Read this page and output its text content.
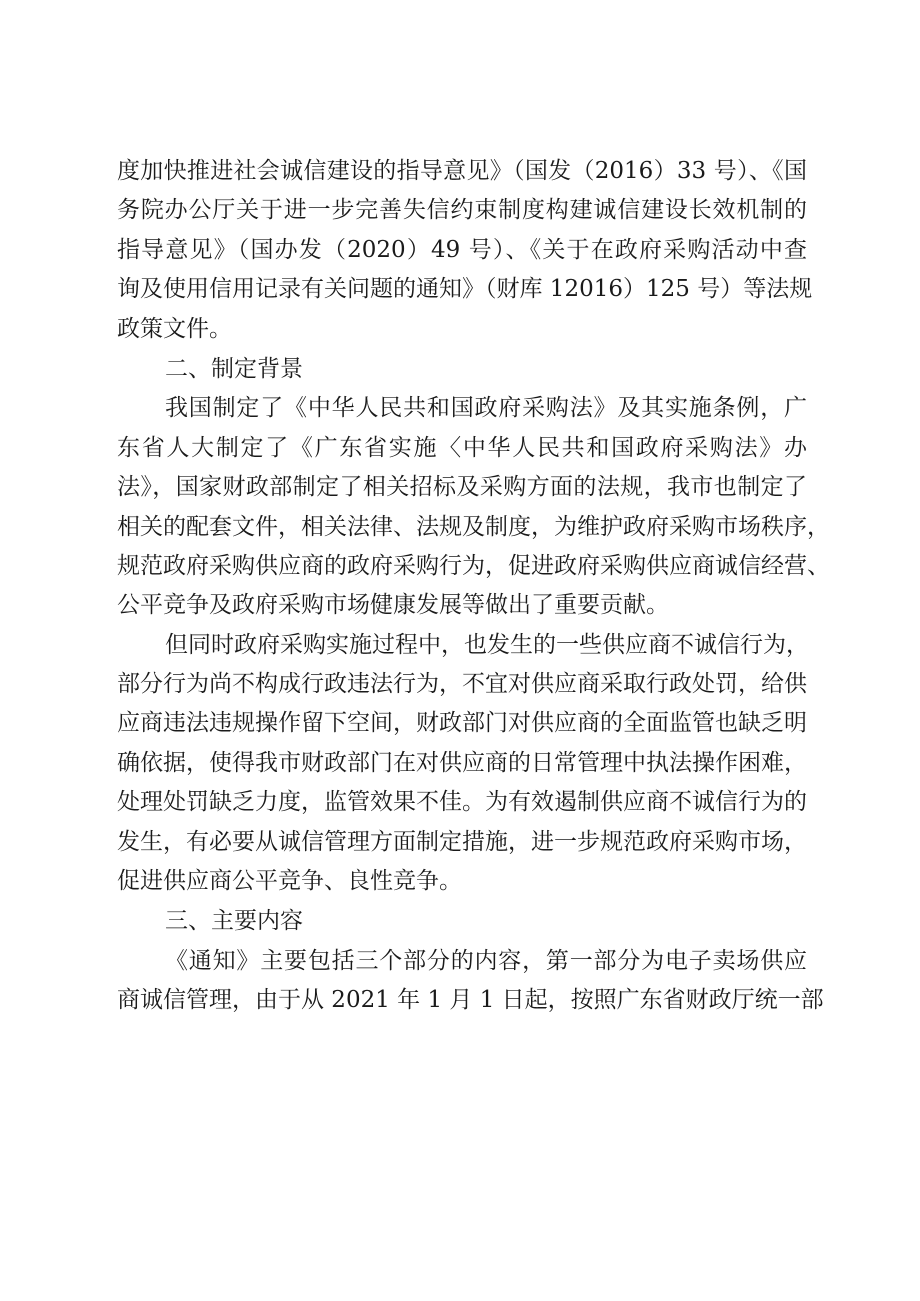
度加快推进社会诚信建设的指导意见》（国发（2016）33 号）、《国
务院办公厅关于进一步完善失信约束制度构建诚信建设长效机制的
指导意见》（国办发（2020）49 号）、《关于在政府采购活动中查
询及使用信用记录有关问题的通知》（财库 12016）125 号）等法规
政策文件。
二、制定背景
我国制定了《中华人民共和国政府采购法》及其实施条例，广
东省人大制定了《广东省实施〈中华人民共和国政府采购法》办
法》，国家财政部制定了相关招标及采购方面的法规，我市也制定了
相关的配套文件，相关法律、法规及制度，为维护政府采购市场秩序，
规范政府采购供应商的政府采购行为，促进政府采购供应商诚信经营、
公平竞争及政府采购市场健康发展等做出了重要贡献。
但同时政府采购实施过程中，也发生的一些供应商不诚信行为，
部分行为尚不构成行政违法行为，不宜对供应商采取行政处罚，给供
应商违法违规操作留下空间，财政部门对供应商的全面监管也缺乏明
确依据，使得我市财政部门在对供应商的日常管理中执法操作困难，
处理处罚缺乏力度，监管效果不佳。为有效遏制供应商不诚信行为的
发生，有必要从诚信管理方面制定措施，进一步规范政府采购市场，
促进供应商公平竞争、良性竞争。
三、主要内容
《通知》主要包括三个部分的内容，第一部分为电子卖场供应
商诚信管理，由于从 2021 年 1 月 1 日起，按照广东省财政厅统一部
